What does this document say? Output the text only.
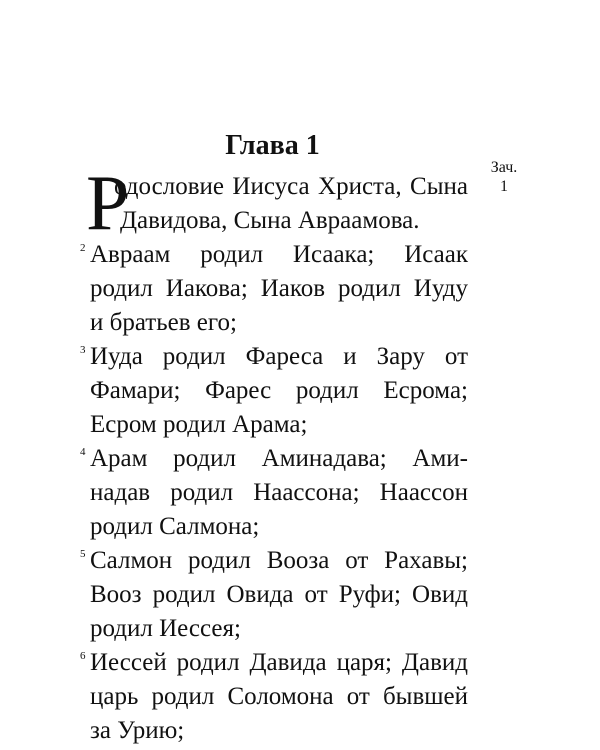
Глава 1
Зач.
1
Р
одословие Иисуса Христа, Сына
Давидова, Сына Авраамова.
2 Авраам родил Исаака; Исаак
родил Иакова; Иаков родил Иуду
и братьев его;
3 Иуда родил Фареса и Зару от
Фамари; Фарес родил Есрома;
Есром родил Арама;
4 Арам родил Аминадава; Ами-
надав родил Наассона; Наассон
родил Салмона;
5 Салмон родил Вооза от Рахавы;
Вооз родил Овида от Руфи; Овид
родил Иессея;
6 Иессей родил Давида царя; Давид
царь родил Соломона от бывшей
за Урию;
